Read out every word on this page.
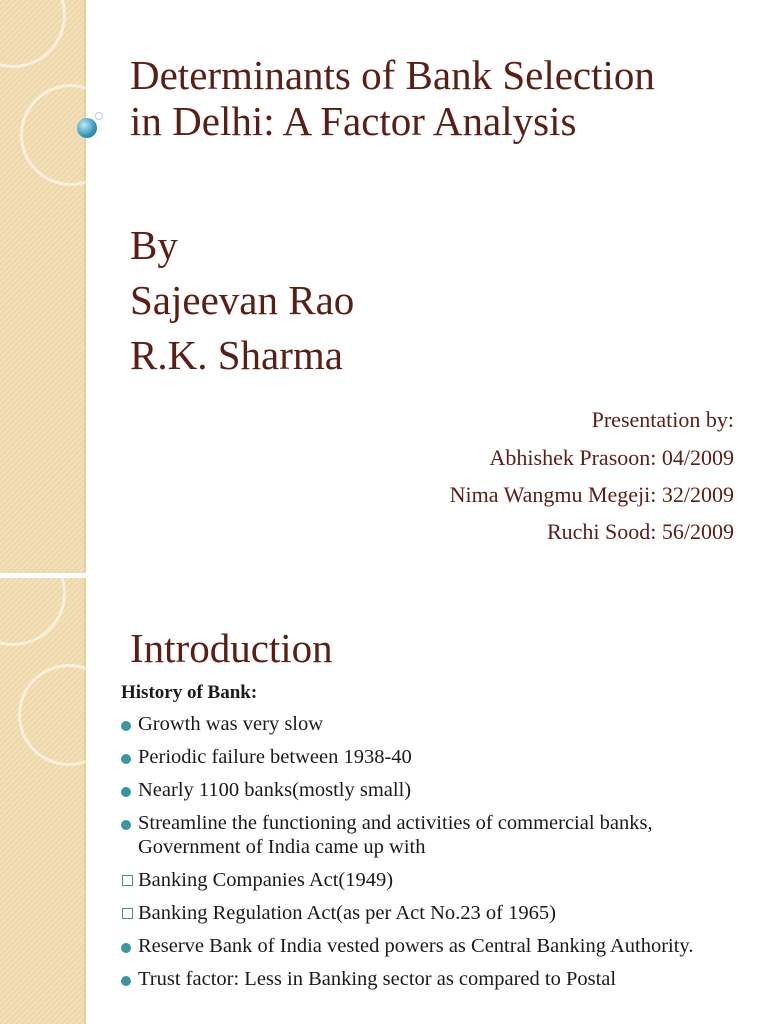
Determinants of Bank Selection
in Delhi: A Factor Analysis
By
Sajeevan Rao
R.K. Sharma
Presentation by:
Abhishek Prasoon: 04/2009
Nima Wangmu Megeji: 32/2009
Ruchi Sood: 56/2009
Introduction
History of Bank:
Growth was very slow
Periodic failure between 1938-40
Nearly 1100 banks(mostly small)
Streamline the functioning and activities of commercial banks, Government of India came up with
Banking Companies Act(1949)
Banking Regulation Act(as per Act No.23 of 1965)
Reserve Bank of India vested powers as Central Banking Authority.
Trust factor: Less in Banking sector as compared to Postal
